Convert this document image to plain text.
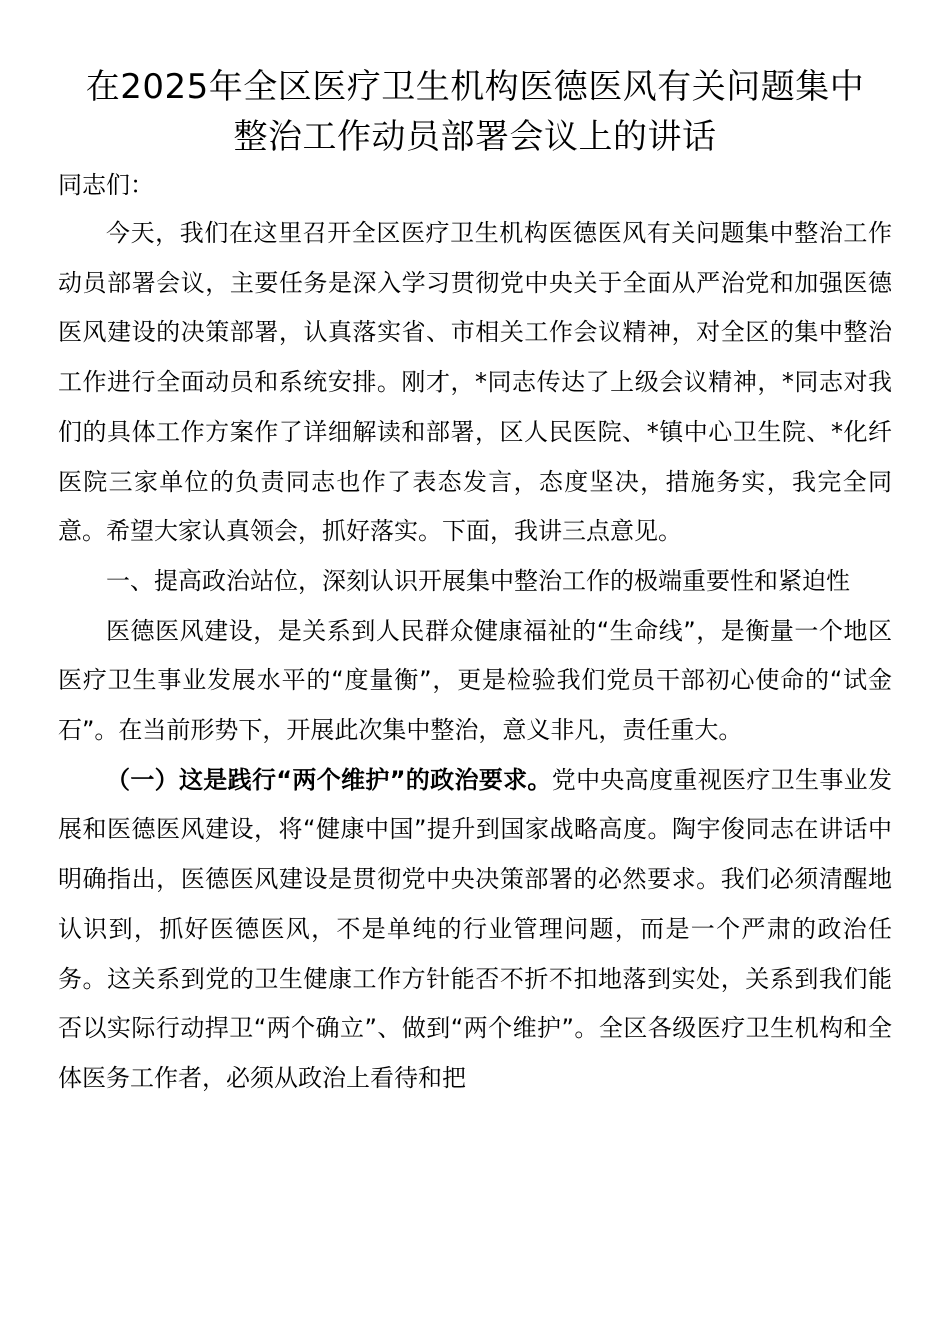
在2025年全区医疗卫生机构医德医风有关问题集中
整治工作动员部署会议上的讲话

同志们：

今天，我们在这里召开全区医疗卫生机构医德医风有关问题集中整治工作动员部署会议，主要任务是深入学习贯彻党中央关于全面从严治党和加强医德医风建设的决策部署，认真落实省、市相关工作会议精神，对全区的集中整治工作进行全面动员和系统安排。刚才，*同志传达了上级会议精神，*同志对我们的具体工作方案作了详细解读和部署，区人民医院、*镇中心卫生院、*化纤医院三家单位的负责同志也作了表态发言，态度坚决，措施务实，我完全同意。希望大家认真领会，抓好落实。下面，我讲三点意见。

一、提高政治站位，深刻认识开展集中整治工作的极端重要性和紧迫性

医德医风建设，是关系到人民群众健康福祉的“生命线”，是衡量一个地区医疗卫生事业发展水平的“度量衡”，更是检验我们党员干部初心使命的“试金石”。在当前形势下，开展此次集中整治，意义非凡，责任重大。

（一）这是践行“两个维护”的政治要求。党中央高度重视医疗卫生事业发展和医德医风建设，将“健康中国”提升到国家战略高度。陶宇俊同志在讲话中明确指出，医德医风建设是贯彻党中央决策部署的必然要求。我们必须清醒地认识到，抓好医德医风，不是单纯的行业管理问题，而是一个严肃的政治任务。这关系到党的卫生健康工作方针能否不折不扣地落到实处，关系到我们能否以实际行动捍卫“两个确立”、做到“两个维护”。全区各级医疗卫生机构和全体医务工作者，必须从政治上看待和把
